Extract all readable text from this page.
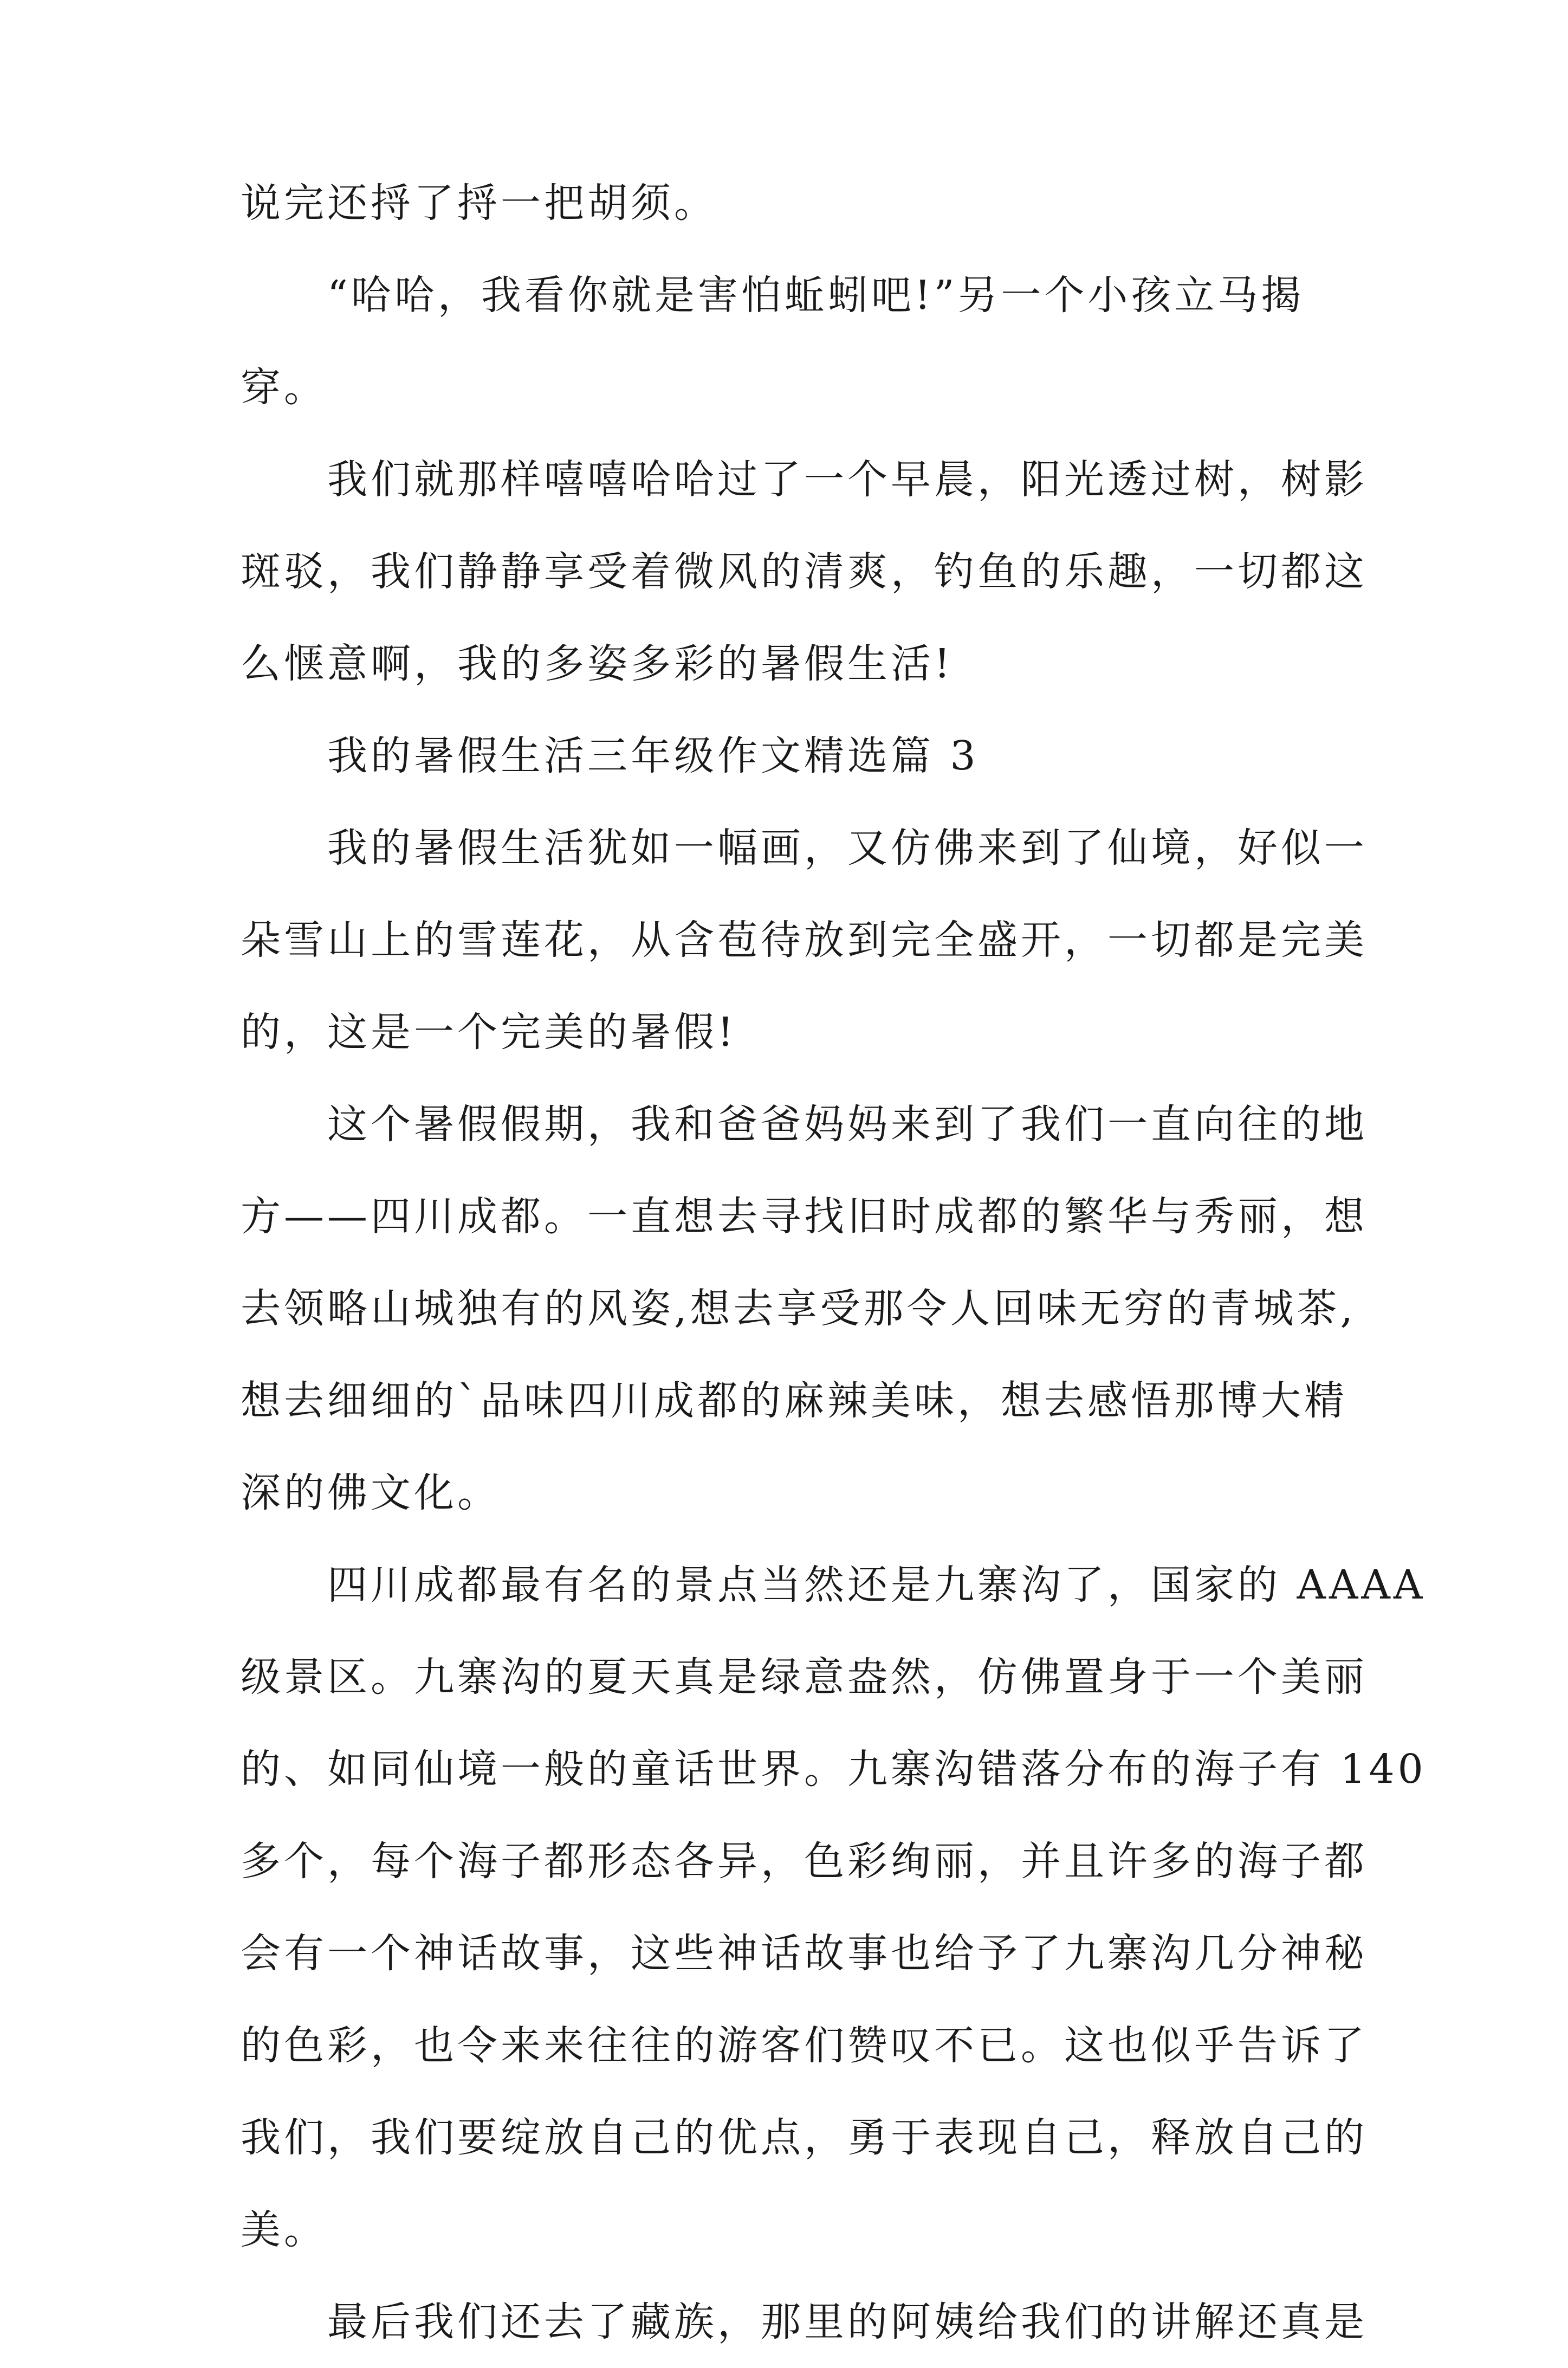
说完还捋了捋一把胡须。

“哈哈，我看你就是害怕蚯蚓吧!”另一个小孩立马揭

穿。

我们就那样嘻嘻哈哈过了一个早晨，阳光透过树，树影

斑驳，我们静静享受着微风的清爽，钓鱼的乐趣，一切都这

么惬意啊，我的多姿多彩的暑假生活!

我的暑假生活三年级作文精选篇 3

我的暑假生活犹如一幅画，又仿佛来到了仙境，好似一

朵雪山上的雪莲花，从含苞待放到完全盛开，一切都是完美

的，这是一个完美的暑假!

这个暑假假期，我和爸爸妈妈来到了我们一直向往的地

方——四川成都。一直想去寻找旧时成都的繁华与秀丽，想

去领略山城独有的风姿,想去享受那令人回味无穷的青城茶,

想去细细的`品味四川成都的麻辣美味，想去感悟那博大精

深的佛文化。

四川成都最有名的景点当然还是九寨沟了，国家的 AAAA

级景区。九寨沟的夏天真是绿意盎然，仿佛置身于一个美丽

的、如同仙境一般的童话世界。九寨沟错落分布的海子有 140

多个，每个海子都形态各异，色彩绚丽，并且许多的海子都

会有一个神话故事，这些神话故事也给予了九寨沟几分神秘

的色彩，也令来来往往的游客们赞叹不已。这也似乎告诉了

我们，我们要绽放自己的优点，勇于表现自己，释放自己的

美。

最后我们还去了藏族，那里的阿姨给我们的讲解还真是
